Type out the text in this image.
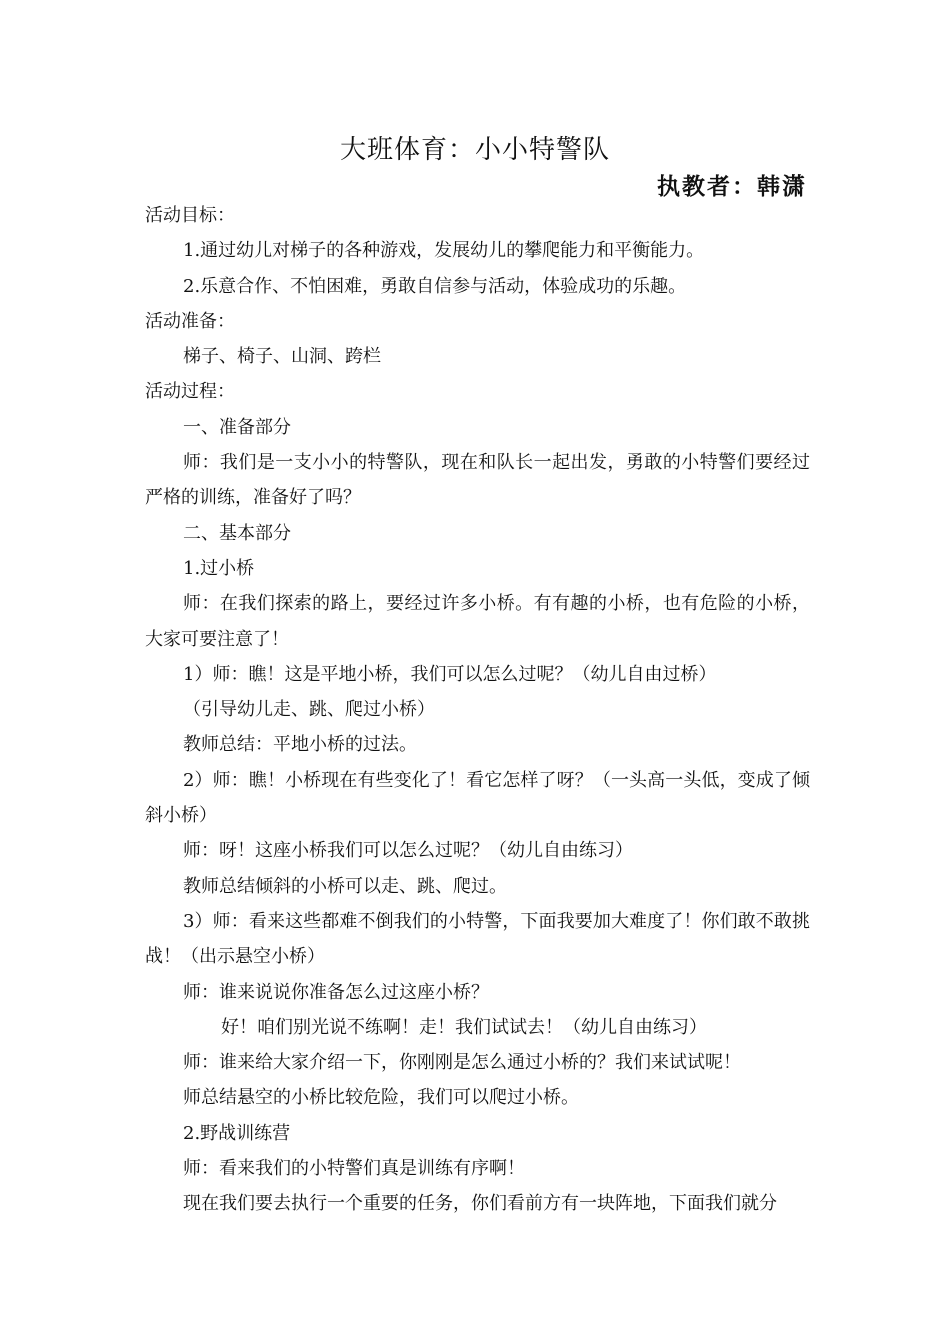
大班体育：小小特警队
执教者：韩潇

活动目标：

1.通过幼儿对梯子的各种游戏，发展幼儿的攀爬能力和平衡能力。

2.乐意合作、不怕困难，勇敢自信参与活动，体验成功的乐趣。

活动准备：

梯子、椅子、山洞、跨栏

活动过程：

一、准备部分

师：我们是一支小小的特警队，现在和队长一起出发，勇敢的小特警们要经过严格的训练，准备好了吗？

二、基本部分

1.过小桥

师：在我们探索的路上，要经过许多小桥。有有趣的小桥，也有危险的小桥，大家可要注意了！

1）师：瞧！这是平地小桥，我们可以怎么过呢？（幼儿自由过桥）

（引导幼儿走、跳、爬过小桥）

教师总结：平地小桥的过法。

2）师：瞧！小桥现在有些变化了！看它怎样了呀？（一头高一头低，变成了倾斜小桥）

师：呀！这座小桥我们可以怎么过呢？（幼儿自由练习）

教师总结倾斜的小桥可以走、跳、爬过。

3）师：看来这些都难不倒我们的小特警，下面我要加大难度了！你们敢不敢挑战！（出示悬空小桥）

师：谁来说说你准备怎么过这座小桥？

好！咱们别光说不练啊！走！我们试试去！（幼儿自由练习）

师：谁来给大家介绍一下，你刚刚是怎么通过小桥的？我们来试试呢！

师总结悬空的小桥比较危险，我们可以爬过小桥。

2.野战训练营

师：看来我们的小特警们真是训练有序啊！

现在我们要去执行一个重要的任务，你们看前方有一块阵地，下面我们就分
